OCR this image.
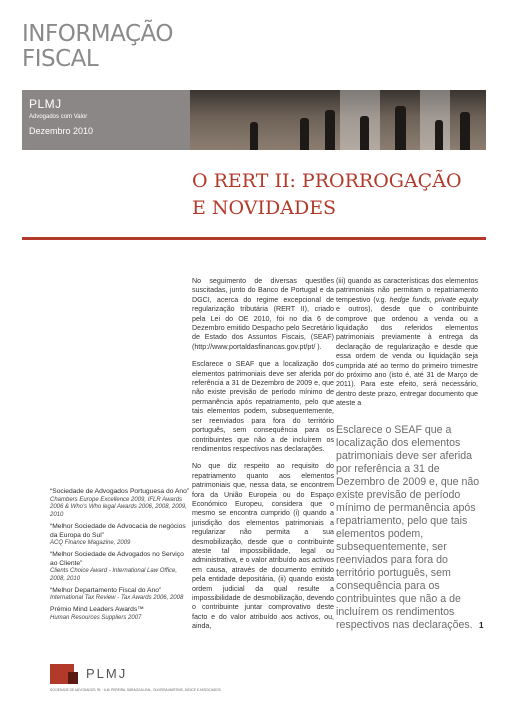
INFORMAÇÃO
FISCAL
PLMJ
Advogados com Valor
Dezembro 2010
O RERT II: PRORROGAÇÃO
E NOVIDADES

No seguimento de diversas questões suscitadas, junto do Banco de Portugal e da DGCI, acerca do regime excepcional de regularização tributária (RERT II), criado pela Lei do OE 2010, foi no dia 6 de Dezembro emitido Despacho pelo Secretário de Estado dos Assuntos Fiscais, (SEAF) (http://www.portaldasfinancas.gov.pt/pt/ ).

Esclarece o SEAF que a localização dos elementos patrimoniais deve ser aferida por referência a 31 de Dezembro de 2009 e, que não existe previsão de período mínimo de permanência após repatriamento, pelo que tais elementos podem, subsequentemente, ser reenviados para fora do território português, sem consequência para os contribuintes que não a de incluírem os rendimentos respectivos nas declarações.

No que diz respeito ao requisito do repatriamento quanto aos elementos patrimoniais que, nessa data, se encontrem fora da União Europeia ou do Espaço Económico Europeu, considera que o mesmo se encontra cumprido (i) quando a jurisdição dos elementos patrimoniais a regularizar não permita a sua desmobilização, desde que o contribuinte ateste tal impossibilidade, legal ou administrativa, e o valor atribuído aos activos em causa, através de documento emitido pela entidade depositária, (ii) quando exista ordem judicial da qual resulte a impossibilidade de desmobilização, devendo o contribuinte juntar comprovativo deste facto e do valor atribuído aos activos, ou, ainda,

(iii) quando as características dos elementos patrimoniais não permitam o repatriamento tempestivo (v.g. hedge funds, private equity e outros), desde que o contribuinte comprove que ordenou a venda ou a liquidação dos referidos elementos patrimoniais previamente à entrega da declaração de regularização e desde que essa ordem de venda ou liquidação seja cumprida até ao termo do primeiro trimestre do próximo ano (isto é, até 31 de Março de 2011). Para este efeito, será necessário, dentro deste prazo, entregar documento que ateste a

Esclarece o SEAF que a localização dos elementos patrimoniais deve ser aferida por referência a 31 de Dezembro de 2009 e, que não existe previsão de período mínimo de permanência após repatriamento, pelo que tais elementos podem, subsequentemente, ser reenviados para fora do território português, sem consequência para os contribuintes que não a de incluírem os rendimentos respectivos nas declarações.
“Sociedade de Advogados Portuguesa do Ano”
Chambers Europe Excellence 2009, IFLR Awards 2006 & Who's Who legal Awards 2006, 2008, 2009, 2010
“Melhor Sociedade de Advocacia de negócios da Europa do Sul”
ACQ Finance Magazine, 2009
“Melhor Sociedade de Advogados no Serviço ao Cliente”
Clients Choice Award - International Law Office, 2008, 2010
“Melhor Departamento Fiscal do Ano”
International Tax Review - Tax Awards 2006, 2008
Prémio Mind Leaders Awards™
Human Resources Suppliers 2007
PLMJ
SOCIEDADE DE ADVOGADOS, RL · A.M. PEREIRA, SÁRAGGA LEAL, OLIVEIRA MARTINS, JÚDICE E ASSOCIADOS
1
